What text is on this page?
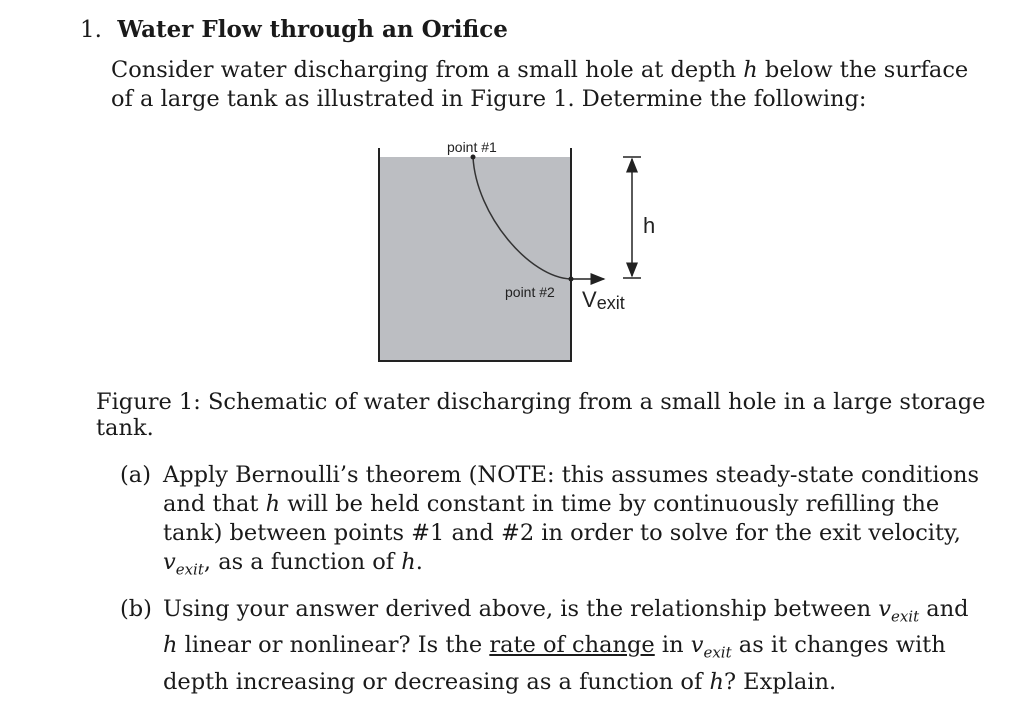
1. Water Flow through an Orifice
Consider water discharging from a small hole at depth h below the surface of a large tank as illustrated in Figure 1. Determine the following:
point #1
point #2
h
Vexit
Figure 1: Schematic of water discharging from a small hole in a large storage tank.
(a) Apply Bernoulli’s theorem (NOTE: this assumes steady-state conditions and that h will be held constant in time by continuously refilling the tank) between points #1 and #2 in order to solve for the exit velocity, $v_{exit}$, as a function of h.
(b) Using your answer derived above, is the relationship between $v_{exit}$ and h linear or nonlinear? Is the rate of change in $v_{exit}$ as it changes with depth increasing or decreasing as a function of h? Explain.
